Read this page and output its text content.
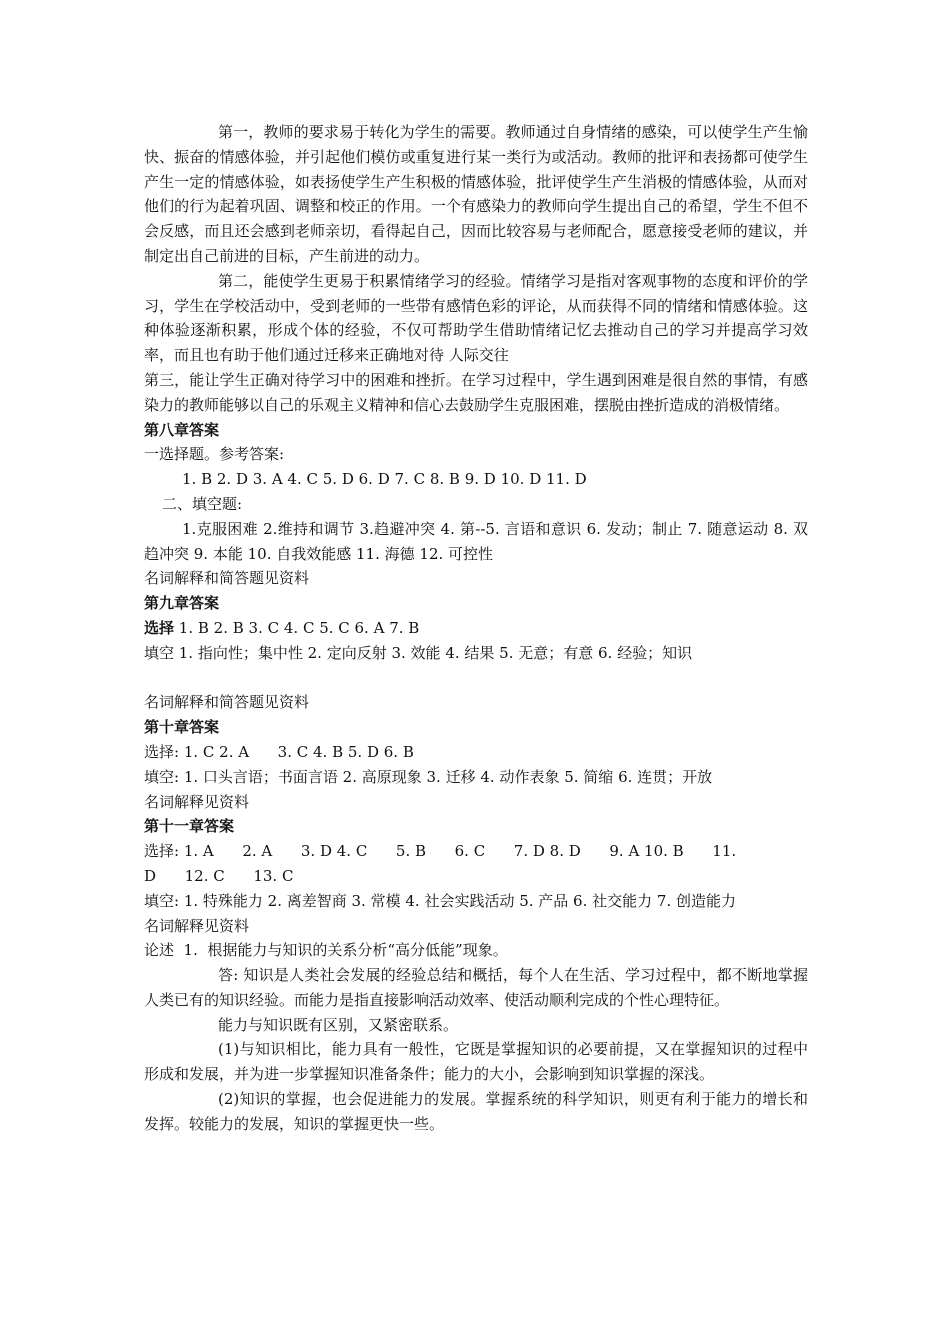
第一，教师的要求易于转化为学生的需要。教师通过自身情绪的感染，可以使学生产生愉快、振奋的情感体验，并引起他们模仿或重复进行某一类行为或活动。教师的批评和表扬都可使学生产生一定的情感体验，如表扬使学生产生积极的情感体验，批评使学生产生消极的情感体验，从而对他们的行为起着巩固、调整和校正的作用。一个有感染力的教师向学生提出自己的希望，学生不但不会反感，而且还会感到老师亲切，看得起自己，因而比较容易与老师配合，愿意接受老师的建议，并制定出自己前进的目标，产生前进的动力。

第二，能使学生更易于积累情绪学习的经验。情绪学习是指对客观事物的态度和评价的学习，学生在学校活动中，受到老师的一些带有感情色彩的评论，从而获得不同的情绪和情感体验。这种体验逐渐积累，形成个体的经验，不仅可帮助学生借助情绪记忆去推动自己的学习并提高学习效率，而且也有助于他们通过迁移来正确地对待 人际交往

第三，能让学生正确对待学习中的困难和挫折。在学习过程中，学生遇到困难是很自然的事情，有感染力的教师能够以自己的乐观主义精神和信心去鼓励学生克服困难，摆脱由挫折造成的消极情绪。

第八章答案

一选择题。参考答案:

1. B 2. D 3. A 4. C 5. D 6. D 7. C 8. B 9. D 10. D 11. D

二、填空题:

1.克服困难 2.维持和调节 3.趋避冲突 4. 第--5. 言语和意识 6. 发动；制止 7. 随意运动 8. 双趋冲突 9. 本能 10. 自我效能感 11. 海德 12. 可控性

名词解释和简答题见资料

第九章答案

选择 1. B 2. B 3. C 4. C 5. C 6. A 7. B

填空 1. 指向性；集中性 2. 定向反射 3. 效能 4. 结果 5. 无意；有意 6. 经验；知识

名词解释和简答题见资料

第十章答案

选择: 1. C 2. A      3. C 4. B 5. D 6. B

填空: 1. 口头言语；书面言语 2. 高原现象 3. 迁移 4. 动作表象 5. 简缩 6. 连贯；开放

名词解释见资料

第十一章答案

选择: 1. A      2. A      3. D 4. C      5. B      6. C      7. D 8. D      9. A 10. B      11.

D      12. C      13. C

填空: 1. 特殊能力 2. 离差智商 3. 常模 4. 社会实践活动 5. 产品 6. 社交能力 7. 创造能力

名词解释见资料

论述  1.  根据能力与知识的关系分析“高分低能”现象。

答: 知识是人类社会发展的经验总结和概括，每个人在生活、学习过程中，都不断地掌握人类已有的知识经验。而能力是指直接影响活动效率、使活动顺利完成的个性心理特征。

能力与知识既有区别，又紧密联系。

(1)与知识相比，能力具有一般性，它既是掌握知识的必要前提，又在掌握知识的过程中形成和发展，并为进一步掌握知识准备条件；能力的大小，会影响到知识掌握的深浅。

(2)知识的掌握，也会促进能力的发展。掌握系统的科学知识，则更有利于能力的增长和发挥。较能力的发展，知识的掌握更快一些。
